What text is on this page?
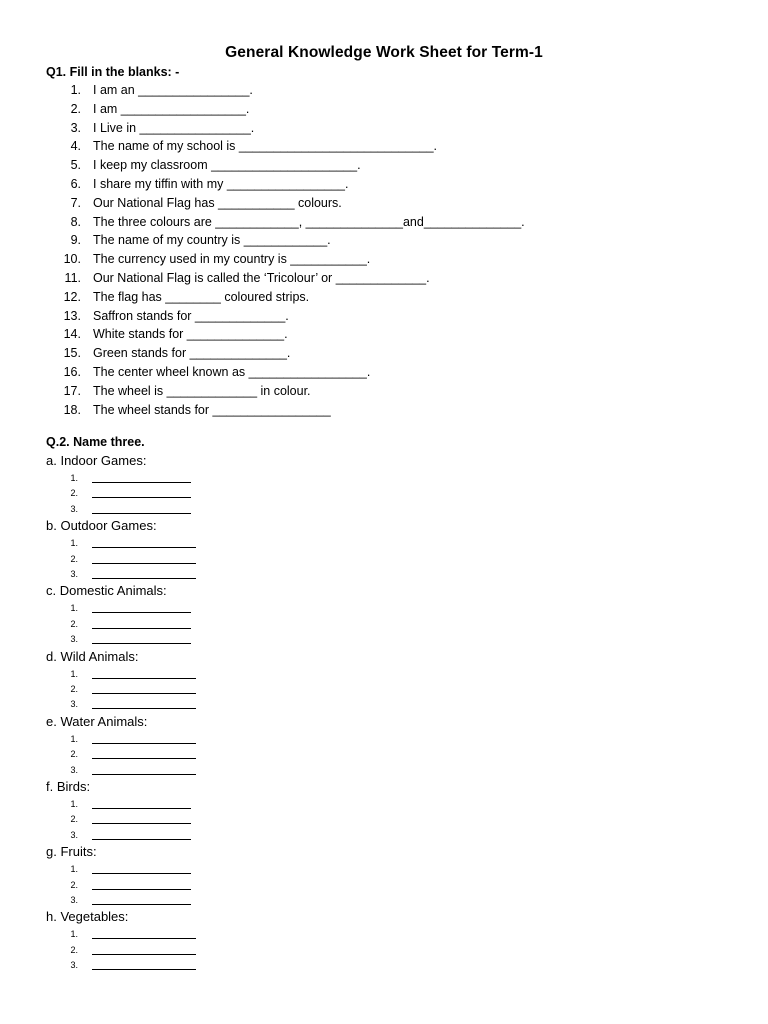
General Knowledge Work Sheet for Term-1
Q1. Fill in the blanks: -
1. I am an ________________.
2. I am __________________.
3. I Live in ________________.
4. The name of my school is ____________________________.
5. I keep my classroom _____________________.
6. I share my tiffin with my _________________.
7. Our National Flag has ___________ colours.
8. The three colours are ____________, ______________and______________.
9. The name of my country is ____________.
10. The currency used in my country is ___________.
11. Our National Flag is called the ‘Tricolour’ or _____________.
12. The flag has ________ coloured strips.
13. Saffron stands for _____________.
14. White stands for ______________.
15. Green stands for ______________.
16. The center wheel known as _________________.
17. The wheel is _____________ in colour.
18. The wheel stands for _________________
Q.2. Name three.
a. Indoor Games:
1.
2.
3.
b. Outdoor Games:
1.
2.
3.
c. Domestic Animals:
1.
2.
3.
d. Wild Animals:
1.
2.
3.
e. Water Animals:
1.
2.
3.
f. Birds:
1.
2.
3.
g. Fruits:
1.
2.
3.
h. Vegetables:
1.
2.
3.
